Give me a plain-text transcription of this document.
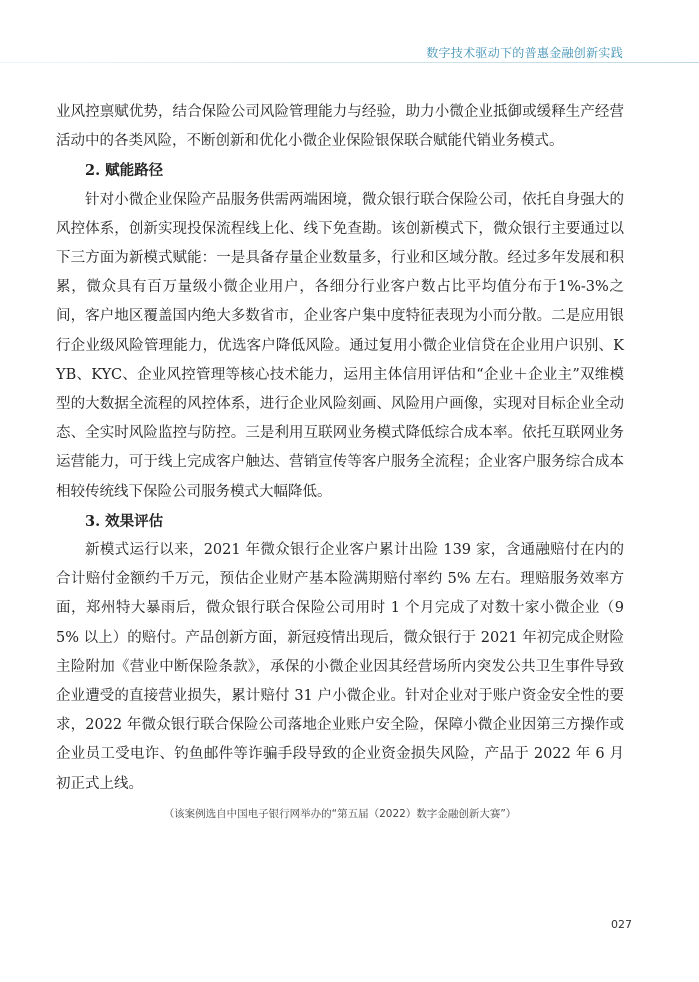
数字技术驱动下的普惠金融创新实践

业风控禀赋优势，结合保险公司风险管理能力与经验，助力小微企业抵御或缓释生产经营活动中的各类风险，不断创新和优化小微企业保险银保联合赋能代销业务模式。

2. 赋能路径

针对小微企业保险产品服务供需两端困境，微众银行联合保险公司，依托自身强大的风控体系，创新实现投保流程线上化、线下免查勘。该创新模式下，微众银行主要通过以下三方面为新模式赋能：一是具备存量企业数量多，行业和区域分散。经过多年发展和积累，微众具有百万量级小微企业用户，各细分行业客户数占比平均值分布于1%-3%之间，客户地区覆盖国内绝大多数省市，企业客户集中度特征表现为小而分散。二是应用银行企业级风险管理能力，优选客户降低风险。通过复用小微企业信贷在企业用户识别、KYB、KYC、企业风控管理等核心技术能力，运用主体信用评估和“企业＋企业主”双维模型的大数据全流程的风控体系，进行企业风险刻画、风险用户画像，实现对目标企业全动态、全实时风险监控与防控。三是利用互联网业务模式降低综合成本率。依托互联网业务运营能力，可于线上完成客户触达、营销宣传等客户服务全流程；企业客户服务综合成本相较传统线下保险公司服务模式大幅降低。

3. 效果评估

新模式运行以来，2021 年微众银行企业客户累计出险 139 家，含通融赔付在内的合计赔付金额约千万元，预估企业财产基本险满期赔付率约 5% 左右。理赔服务效率方面，郑州特大暴雨后，微众银行联合保险公司用时 1 个月完成了对数十家小微企业（95% 以上）的赔付。产品创新方面，新冠疫情出现后，微众银行于 2021 年初完成企财险主险附加《营业中断保险条款》，承保的小微企业因其经营场所内突发公共卫生事件导致企业遭受的直接营业损失，累计赔付 31 户小微企业。针对企业对于账户资金安全性的要求，2022 年微众银行联合保险公司落地企业账户安全险，保障小微企业因第三方操作或企业员工受电诈、钓鱼邮件等诈骗手段导致的企业资金损失风险，产品于 2022 年 6 月初正式上线。

（该案例选自中国电子银行网举办的“第五届（2022）数字金融创新大赛”）

027
